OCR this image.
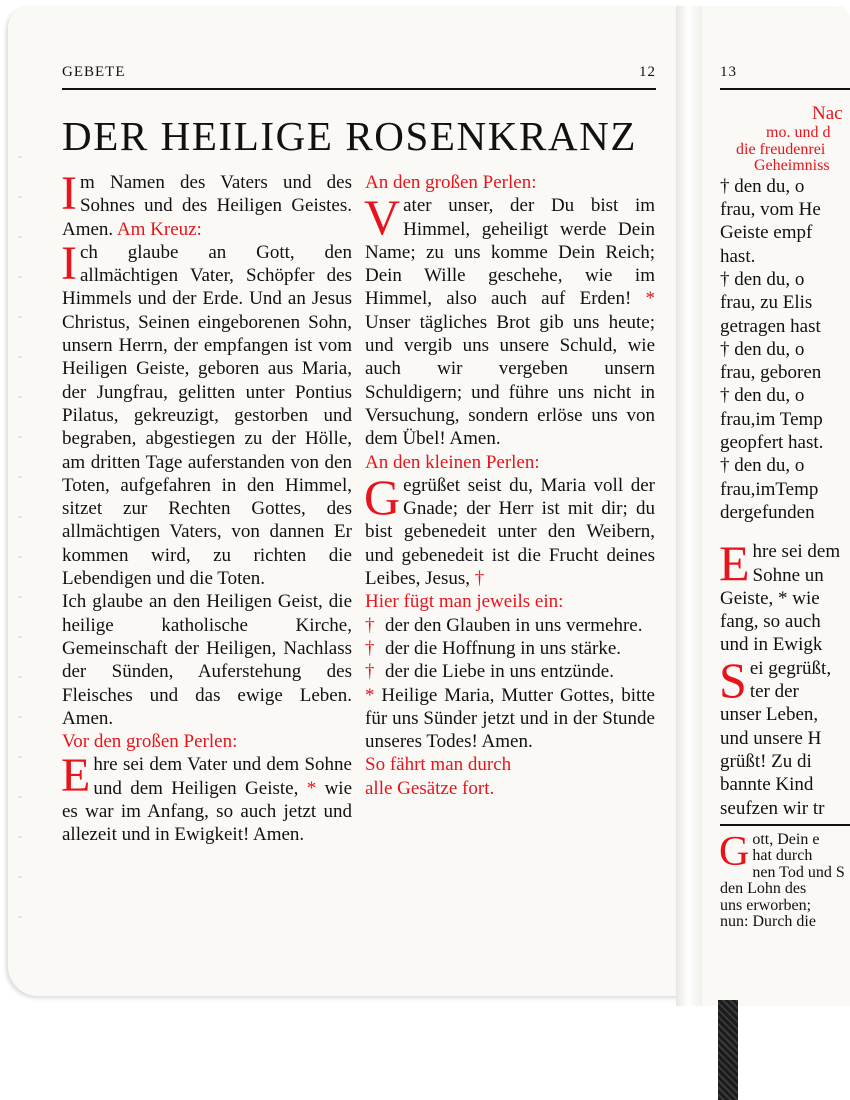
GEBETE	12
DER HEILIGE ROSENKRANZ

Im Namen des Vaters und des Sohnes und des Heiligen Geistes. Amen. Am Kreuz:

Ich glaube an Gott, den allmächtigen Vater, Schöpfer des Himmels und der Erde. Und an Jesus Christus, Seinen eingeborenen Sohn, unsern Herrn, der empfangen ist vom Heiligen Geiste, geboren aus Maria, der Jungfrau, gelitten unter Pontius Pilatus, gekreuzigt, gestorben und begraben, abgestiegen zu der Hölle, am dritten Tage auferstanden von den Toten, aufgefahren in den Himmel, sitzet zur Rechten Gottes, des allmächtigen Vaters, von dannen Er kommen wird, zu richten die Lebendigen und die Toten.

Ich glaube an den Heiligen Geist, die heilige katholische Kirche, Gemeinschaft der Heiligen, Nachlass der Sünden, Auferstehung des Fleisches und das ewige Leben. Amen.

Vor den großen Perlen:

Ehre sei dem Vater und dem Sohne und dem Heiligen Geiste, * wie es war im Anfang, so auch jetzt und allezeit und in Ewigkeit! Amen.

An den großen Perlen:

Vater unser, der Du bist im Himmel, geheiligt werde Dein Name; zu uns komme Dein Reich; Dein Wille geschehe, wie im Himmel, also auch auf Erden! * Unser tägliches Brot gib uns heute; und vergib uns unsere Schuld, wie auch wir vergeben unsern Schuldigern; und führe uns nicht in Versuchung, sondern erlöse uns von dem Übel! Amen.

An den kleinen Perlen:

Gegrüßet seist du, Maria voll der Gnade; der Herr ist mit dir; du bist gebenedeit unter den Weibern, und gebenedeit ist die Frucht deines Leibes, Jesus, †

Hier fügt man jeweils ein:

† der den Glauben in uns vermehre.

† der die Hoffnung in uns stärke.

† der die Liebe in uns entzünde.

* Heilige Maria, Mutter Gottes, bitte für uns Sünder jetzt und in der Stunde unseres Todes! Amen.

So fährt man durch

alle Gesätze fort.

13
Nac
mo. und d
die freudenrei
Geheimniss
† den du, o
frau, vom He
Geiste empf
hast.
† den du, o
frau, zu Elis
getragen hast
† den du, o
frau, geboren
† den du, o
frau,im Temp
geopfert hast.
† den du, o
frau,imTemp
dergefunden
E hre sei dem
Sohne un
Geiste, * wie
fang, so auch
und in Ewigk
S ei gegrüßt,
ter der
unser Leben,
und unsere H
grüßt! Zu di
bannte Kind
seufzen wir tr
G ott, Dein e
hat durch
nen Tod und S
den Lohn des
uns erworben;
nun: Durch die
